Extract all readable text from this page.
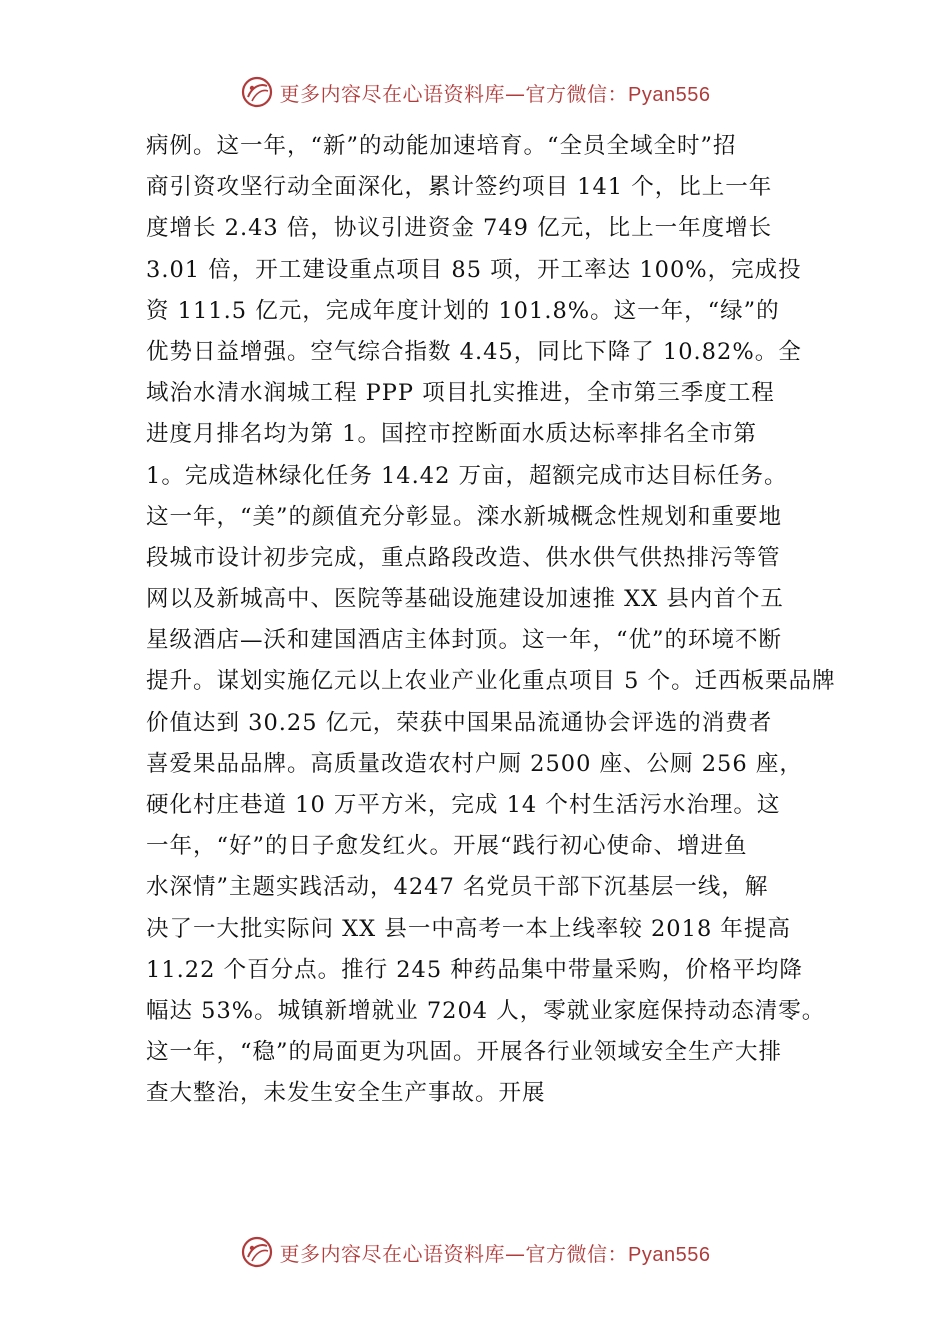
更多内容尽在心语资料库—官方微信：Pyan556
病例。这一年，“新”的动能加速培育。“全员全域全时”招
商引资攻坚行动全面深化，累计签约项目 141 个，比上一年
度增长 2.43 倍，协议引进资金 749 亿元，比上一年度增长
3.01 倍，开工建设重点项目 85 项，开工率达 100%，完成投
资 111.5 亿元，完成年度计划的 101.8%。这一年，“绿”的
优势日益增强。空气综合指数 4.45，同比下降了 10.82%。全
域治水清水润城工程 PPP 项目扎实推进，全市第三季度工程
进度月排名均为第 1。国控市控断面水质达标率排名全市第
1。完成造林绿化任务 14.42 万亩，超额完成市达目标任务。
这一年，“美”的颜值充分彰显。滦水新城概念性规划和重要地
段城市设计初步完成，重点路段改造、供水供气供热排污等管
网以及新城高中、医院等基础设施建设加速推 XX 县内首个五
星级酒店—沃和建国酒店主体封顶。这一年，“优”的环境不断
提升。谋划实施亿元以上农业产业化重点项目 5 个。迁西板栗品牌
价值达到 30.25 亿元，荣获中国果品流通协会评选的消费者
喜爱果品品牌。高质量改造农村户厕 2500 座、公厕 256 座，
硬化村庄巷道 10 万平方米，完成 14 个村生活污水治理。这
一年，“好”的日子愈发红火。开展“践行初心使命、增进鱼
水深情”主题实践活动，4247 名党员干部下沉基层一线，解
决了一大批实际问 XX 县一中高考一本上线率较 2018 年提高
11.22 个百分点。推行 245 种药品集中带量采购，价格平均降
幅达 53%。城镇新增就业 7204 人，零就业家庭保持动态清零。
这一年，“稳”的局面更为巩固。开展各行业领域安全生产大排
查大整治，未发生安全生产事故。开展
更多内容尽在心语资料库—官方微信：Pyan556
